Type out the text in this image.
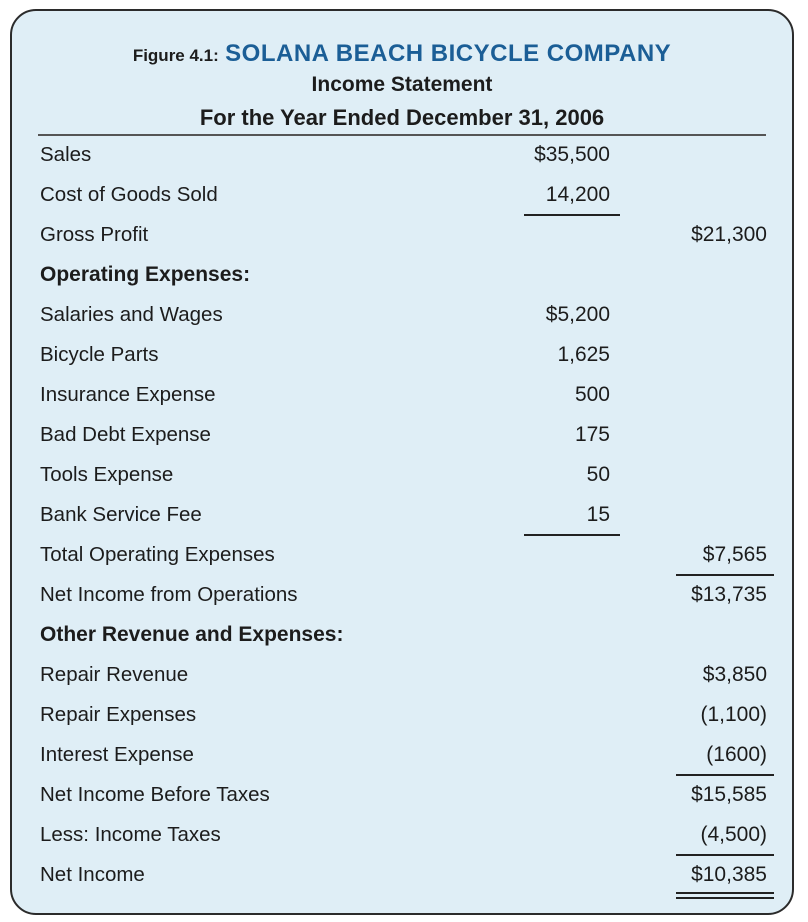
Figure 4.1: SOLANA BEACH BICYCLE COMPANY
Income Statement
For the Year Ended December 31, 2006
Sales	$35,500
Cost of Goods Sold	14,200
Gross Profit	$21,300
Operating Expenses:
Salaries and Wages	$5,200
Bicycle Parts	1,625
Insurance Expense	500
Bad Debt Expense	175
Tools Expense	50
Bank Service Fee	15
Total Operating Expenses	$7,565
Net Income from Operations	$13,735
Other Revenue and Expenses:
Repair Revenue	$3,850
Repair Expenses	(1,100)
Interest Expense	(1600)
Net Income Before Taxes	$15,585
Less: Income Taxes	(4,500)
Net Income	$10,385
